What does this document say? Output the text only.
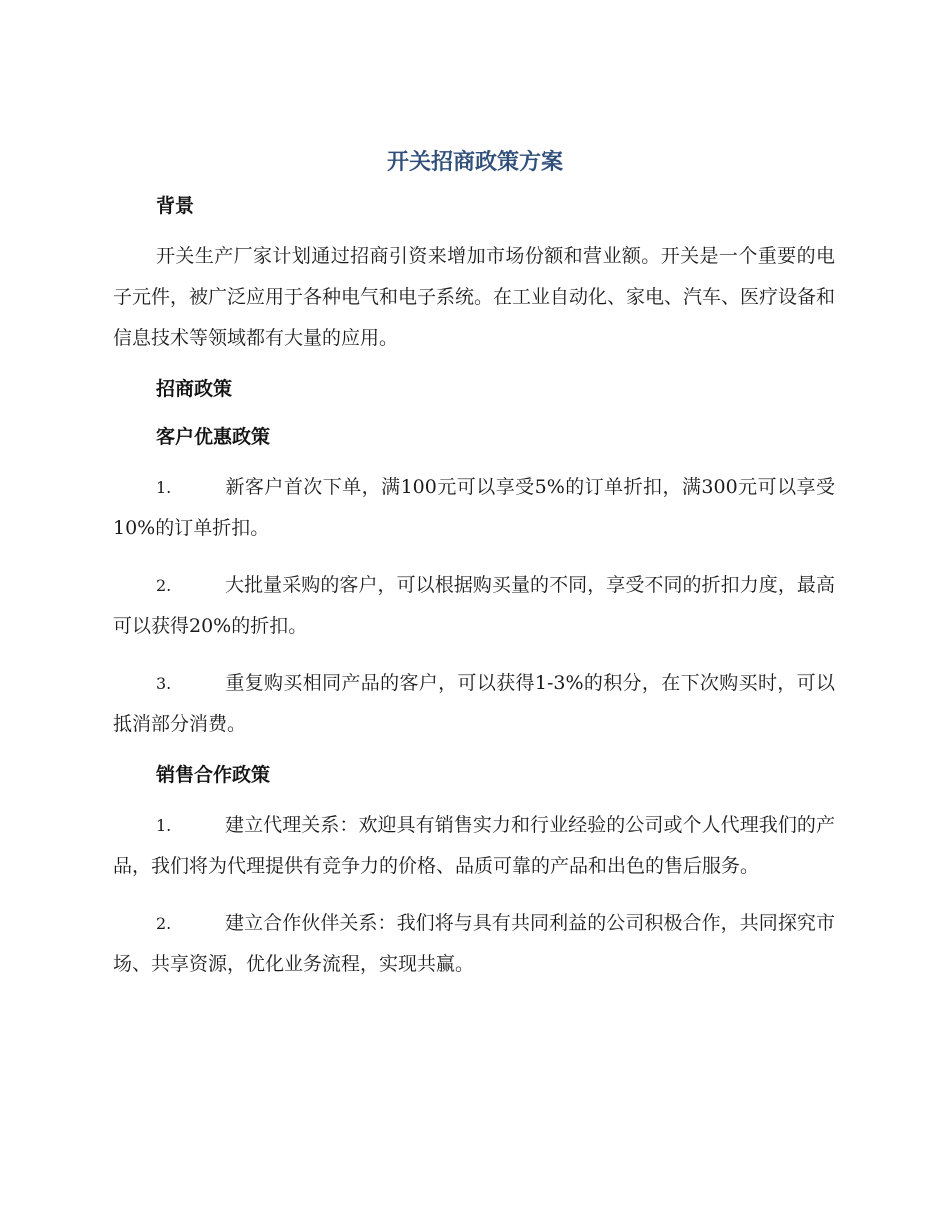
开关招商政策方案
背景

开关生产厂家计划通过招商引资来增加市场份额和营业额。开关是一个重要的电子元件，被广泛应用于各种电气和电子系统。在工业自动化、家电、汽车、医疗设备和信息技术等领域都有大量的应用。

招商政策
客户优惠政策

1.	新客户首次下单，满100元可以享受5%的订单折扣，满300元可以享受10%的订单折扣。

2.	大批量采购的客户，可以根据购买量的不同，享受不同的折扣力度，最高可以获得20%的折扣。

3.	重复购买相同产品的客户，可以获得1-3%的积分，在下次购买时，可以抵消部分消费。

销售合作政策

1.	建立代理关系：欢迎具有销售实力和行业经验的公司或个人代理我们的产品，我们将为代理提供有竞争力的价格、品质可靠的产品和出色的售后服务。

2.	建立合作伙伴关系：我们将与具有共同利益的公司积极合作，共同探究市场、共享资源，优化业务流程，实现共赢。
